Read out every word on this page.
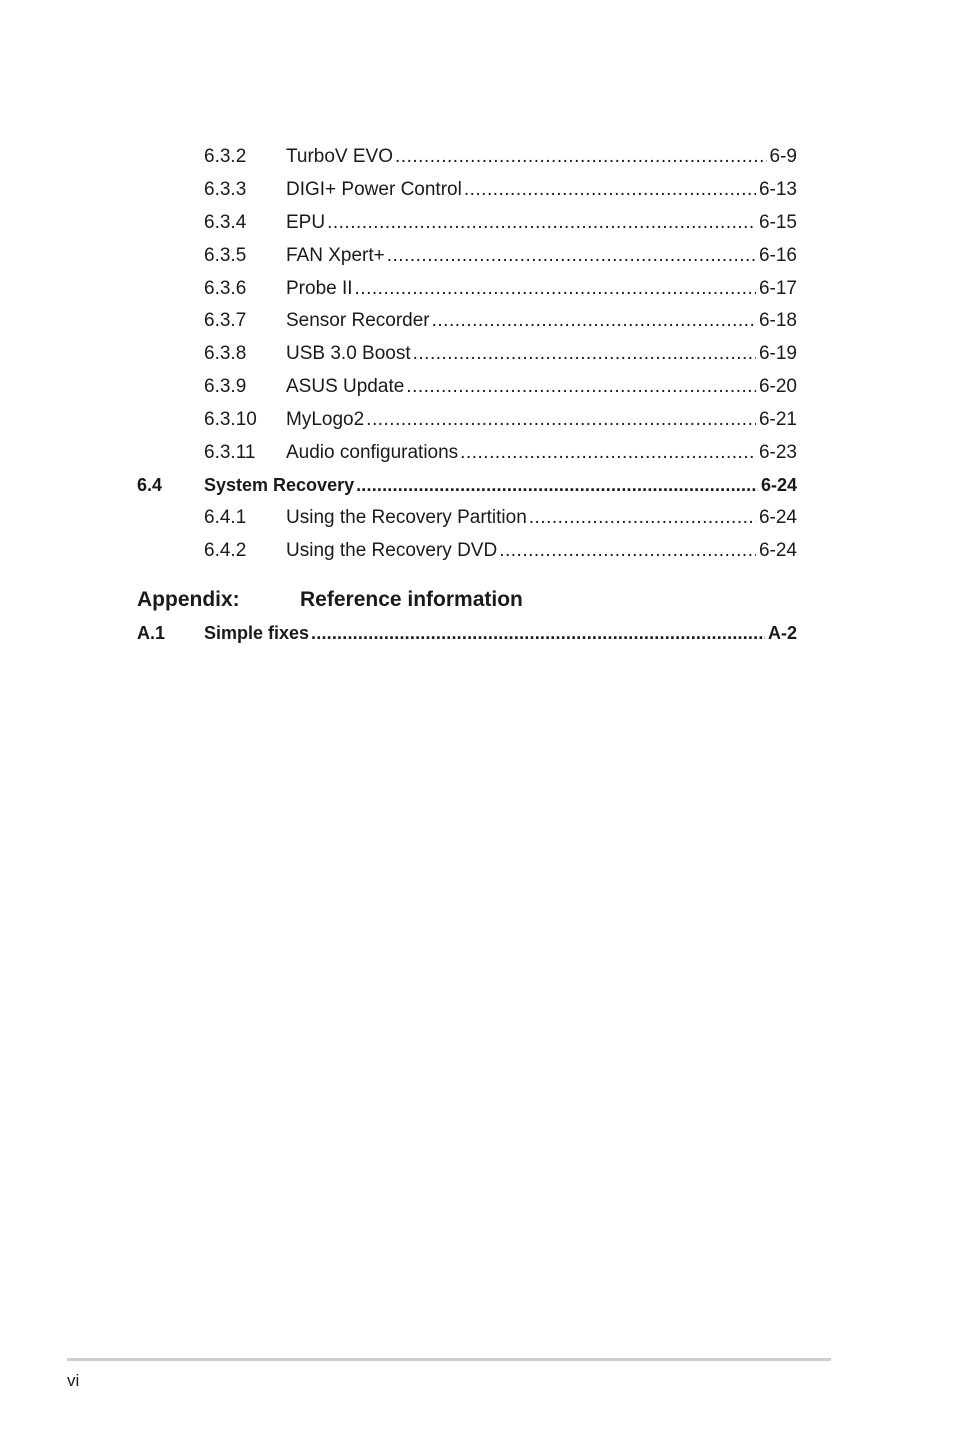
6.3.2 TurboV EVO .....	6-9
6.3.3 DIGI+ Power Control .....	6-13
6.3.4 EPU .....	6-15
6.3.5 FAN Xpert+ .....	6-16
6.3.6 Probe II .....	6-17
6.3.7 Sensor Recorder .....	6-18
6.3.8 USB 3.0 Boost .....	6-19
6.3.9 ASUS Update .....	6-20
6.3.10 MyLogo2 .....	6-21
6.3.11 Audio configurations .....	6-23
6.4 System Recovery .....	6-24
6.4.1 Using the Recovery Partition .....	6-24
6.4.2 Using the Recovery DVD .....	6-24
Appendix:	Reference information
A.1 Simple fixes .....	A-2
vi
